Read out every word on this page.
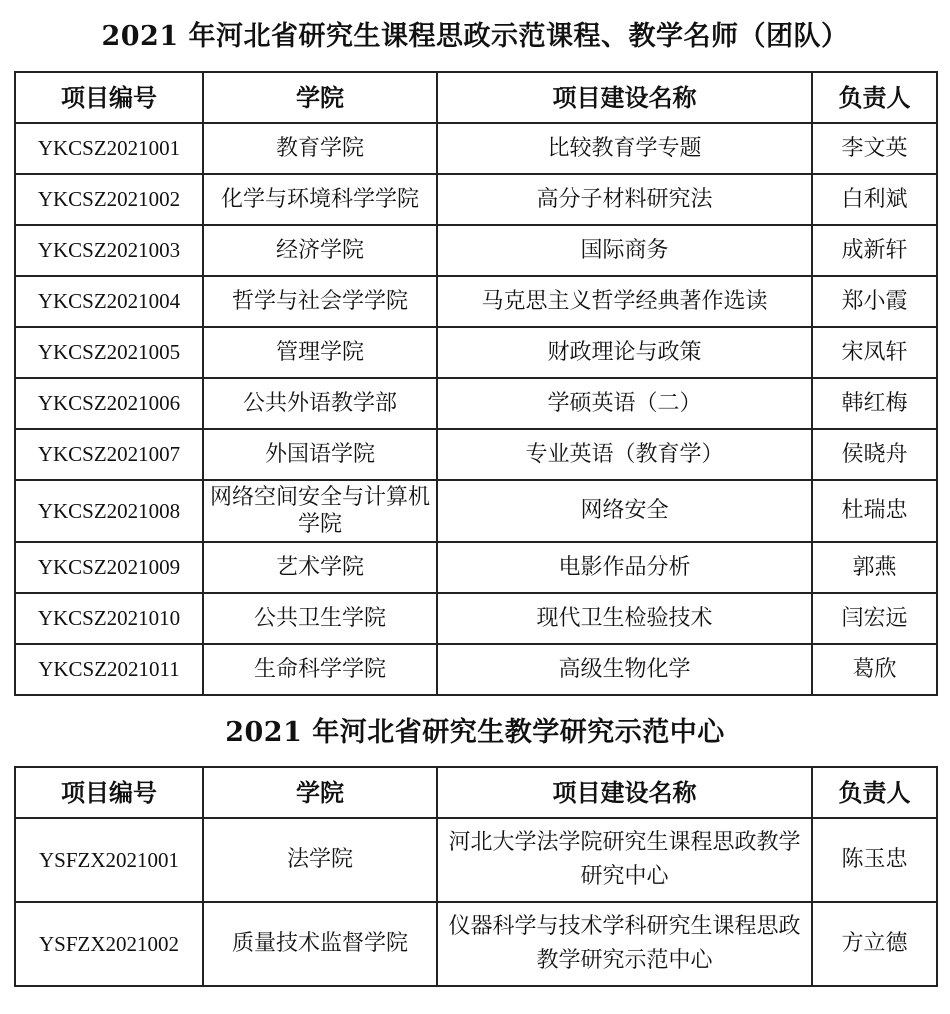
2021 年河北省研究生课程思政示范课程、教学名师（团队）
项目编号	学院	项目建设名称	负责人
YKCSZ2021001	教育学院	比较教育学专题	李文英
YKCSZ2021002	化学与环境科学学院	高分子材料研究法	白利斌
YKCSZ2021003	经济学院	国际商务	成新轩
YKCSZ2021004	哲学与社会学学院	马克思主义哲学经典著作选读	郑小霞
YKCSZ2021005	管理学院	财政理论与政策	宋凤轩
YKCSZ2021006	公共外语教学部	学硕英语（二）	韩红梅
YKCSZ2021007	外国语学院	专业英语（教育学）	侯晓舟
YKCSZ2021008	网络空间安全与计算机学院	网络安全	杜瑞忠
YKCSZ2021009	艺术学院	电影作品分析	郭燕
YKCSZ2021010	公共卫生学院	现代卫生检验技术	闫宏远
YKCSZ2021011	生命科学学院	高级生物化学	葛欣
2021 年河北省研究生教学研究示范中心
项目编号	学院	项目建设名称	负责人
YSFZX2021001	法学院	河北大学法学院研究生课程思政教学研究中心	陈玉忠
YSFZX2021002	质量技术监督学院	仪器科学与技术学科研究生课程思政教学研究示范中心	方立德
